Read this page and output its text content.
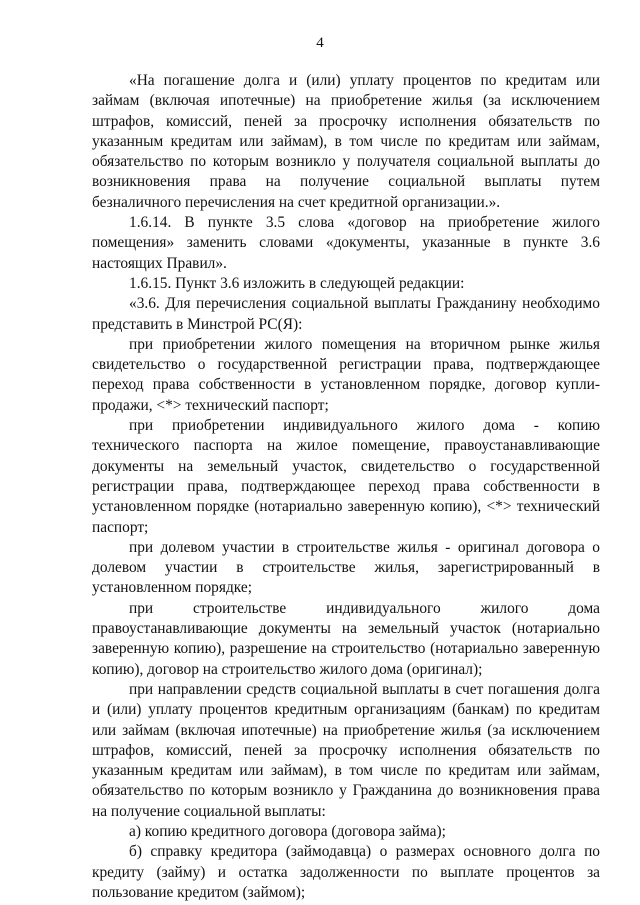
4

«На погашение долга и (или) уплату процентов по кредитам или займам (включая ипотечные) на приобретение жилья (за исключением штрафов, комиссий, пеней за просрочку исполнения обязательств по указанным кредитам или займам), в том числе по кредитам или займам, обязательство по которым возникло у получателя социальной выплаты до возникновения права на получение социальной выплаты путем безналичного перечисления на счет кредитной организации.».

1.6.14. В пункте 3.5 слова «договор на приобретение жилого помещения» заменить словами «документы, указанные в пункте 3.6 настоящих Правил».

1.6.15. Пункт 3.6 изложить в следующей редакции:

«3.6. Для перечисления социальной выплаты Гражданину необходимо представить в Минстрой РС(Я):

при приобретении жилого помещения на вторичном рынке жилья свидетельство о государственной регистрации права, подтверждающее переход права собственности в установленном порядке, договор купли-продажи, <*> технический паспорт;

при приобретении индивидуального жилого дома - копию технического паспорта на жилое помещение, правоустанавливающие документы на земельный участок, свидетельство о государственной регистрации права, подтверждающее переход права собственности в установленном порядке (нотариально заверенную копию), <*> технический паспорт;

при долевом участии в строительстве жилья - оригинал договора о долевом участии в строительстве жилья, зарегистрированный в установленном порядке;

при строительстве индивидуального жилого дома правоустанавливающие документы на земельный участок (нотариально заверенную копию), разрешение на строительство (нотариально заверенную копию), договор на строительство жилого дома (оригинал);

при направлении средств социальной выплаты в счет погашения долга и (или) уплату процентов кредитным организациям (банкам) по кредитам или займам (включая ипотечные) на приобретение жилья (за исключением штрафов, комиссий, пеней за просрочку исполнения обязательств по указанным кредитам или займам), в том числе по кредитам или займам, обязательство по которым возникло у Гражданина до возникновения права на получение социальной выплаты:

а) копию кредитного договора (договора займа);

б) справку кредитора (займодавца) о размерах основного долга по кредиту (займу) и остатка задолженности по выплате процентов за пользование кредитом (займом);
